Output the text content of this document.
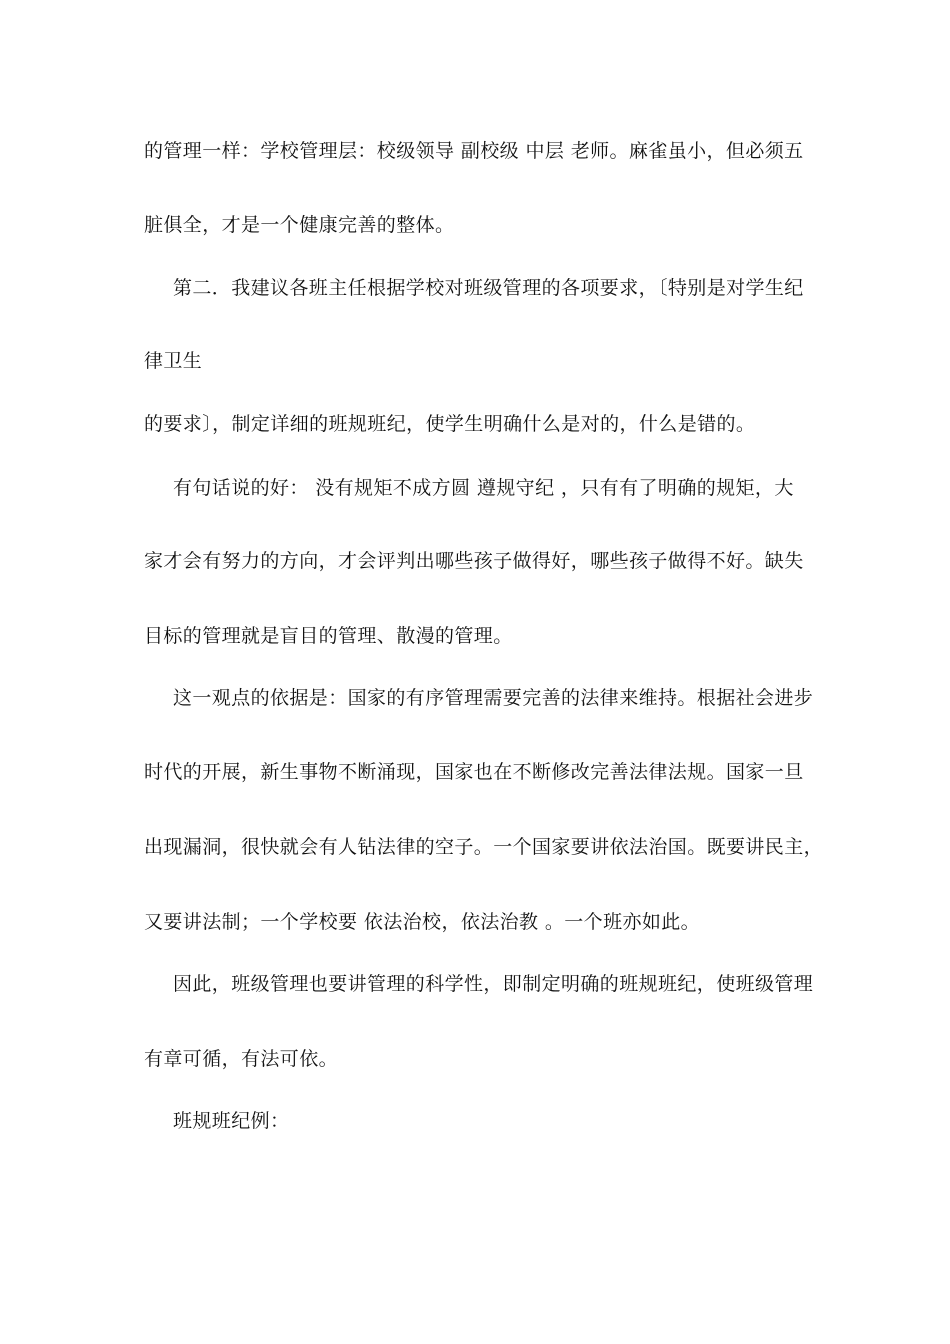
的管理一样：学校管理层：校级领导 副校级 中层 老师。麻雀虽小，但必须五
脏俱全，才是一个健康完善的整体。
第二．我建议各班主任根据学校对班级管理的各项要求，〔特别是对学生纪
律卫生
的要求〕，制定详细的班规班纪，使学生明确什么是对的，什么是错的。
有句话说的好： 没有规矩不成方圆 遵规守纪 ，只有有了明确的规矩，大
家才会有努力的方向，才会评判出哪些孩子做得好，哪些孩子做得不好。缺失
目标的管理就是盲目的管理、散漫的管理。
这一观点的依据是：国家的有序管理需要完善的法律来维持。根据社会进步
时代的开展，新生事物不断涌现，国家也在不断修改完善法律法规。国家一旦
出现漏洞，很快就会有人钻法律的空子。一个国家要讲依法治国。既要讲民主，
又要讲法制；一个学校要 依法治校，依法治教 。一个班亦如此。
因此，班级管理也要讲管理的科学性，即制定明确的班规班纪，使班级管理
有章可循，有法可依。
班规班纪例：
